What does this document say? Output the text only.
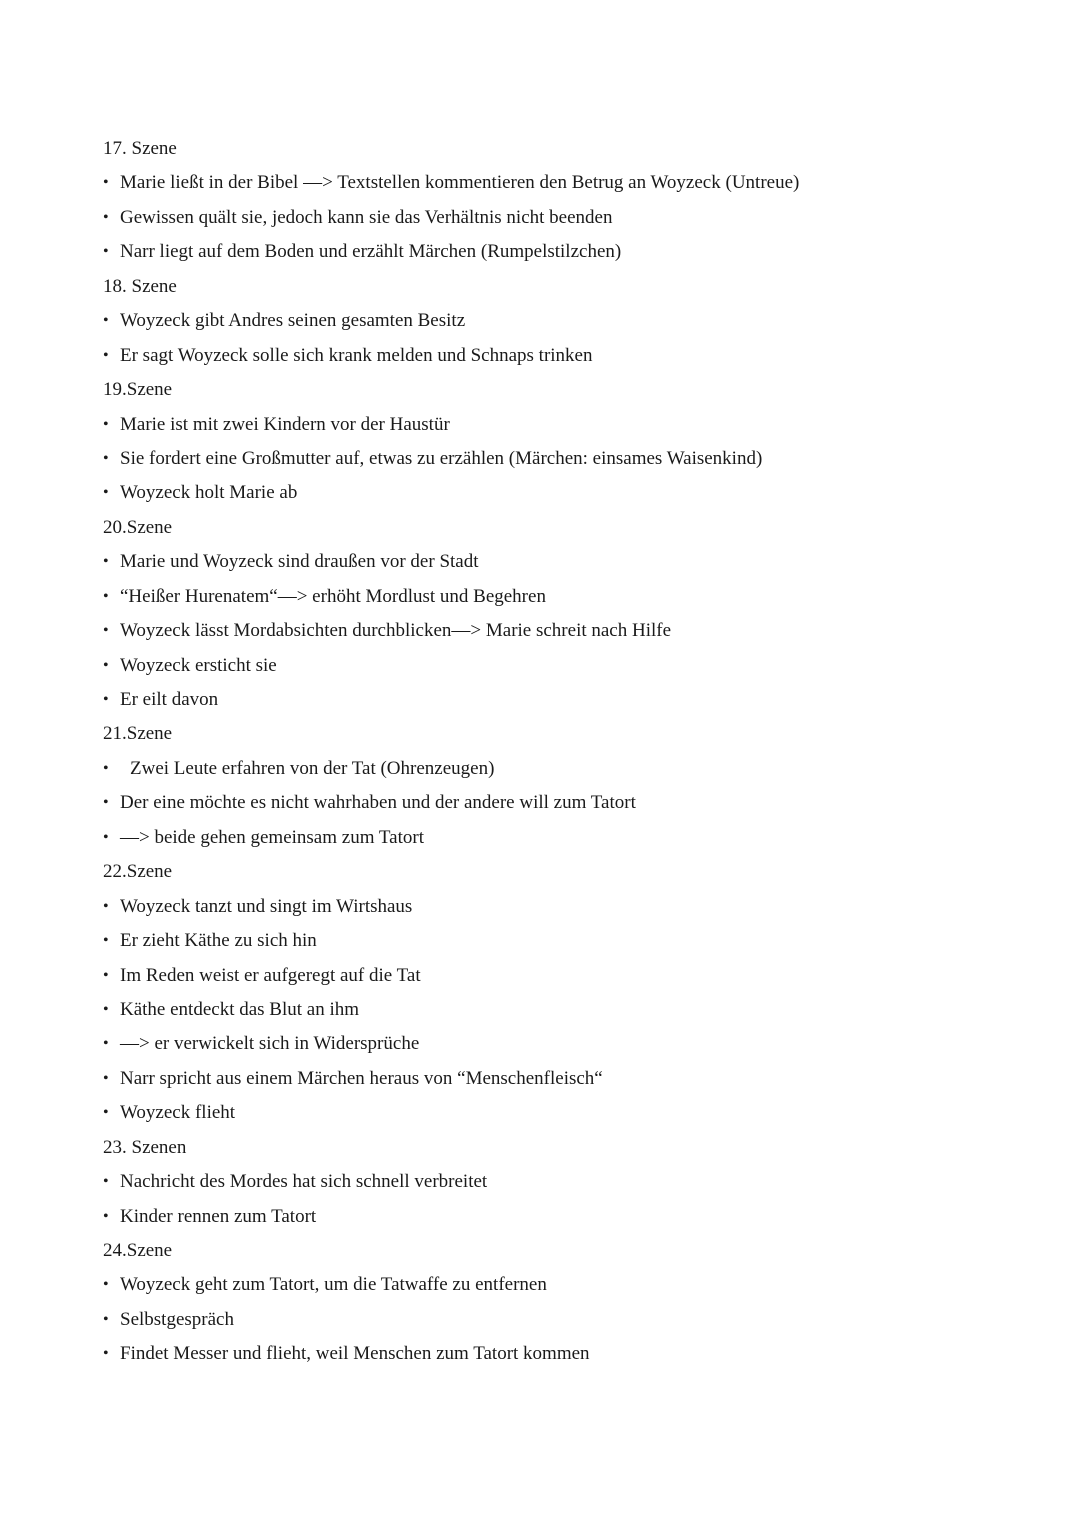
17. Szene
• Marie ließt in der Bibel —> Textstellen kommentieren den Betrug an Woyzeck (Untreue)
• Gewissen quält sie, jedoch kann sie das Verhältnis nicht beenden
• Narr liegt auf dem Boden und erzählt Märchen (Rumpelstilzchen)
18. Szene
• Woyzeck gibt Andres seinen gesamten Besitz
• Er sagt Woyzeck solle sich krank melden und Schnaps trinken
19.Szene
• Marie ist mit zwei Kindern vor der Haustür
• Sie fordert eine Großmutter auf, etwas zu erzählen (Märchen: einsames Waisenkind)
• Woyzeck holt Marie ab
20.Szene
• Marie und Woyzeck sind draußen vor der Stadt
• “Heißer Hurenatem“—> erhöht Mordlust und Begehren
• Woyzeck lässt Mordabsichten durchblicken—> Marie schreit nach Hilfe
• Woyzeck ersticht sie
• Er eilt davon
21.Szene
• Zwei Leute erfahren von der Tat (Ohrenzeugen)
• Der eine möchte es nicht wahrhaben und der andere will zum Tatort
• —> beide gehen gemeinsam zum Tatort
22.Szene
• Woyzeck tanzt und singt im Wirtshaus
• Er zieht Käthe zu sich hin
• Im Reden weist er aufgeregt auf die Tat
• Käthe entdeckt das Blut an ihm
• —> er verwickelt sich in Widersprüche
• Narr spricht aus einem Märchen heraus von “Menschenfleisch“
• Woyzeck flieht
23. Szenen
• Nachricht des Mordes hat sich schnell verbreitet
• Kinder rennen zum Tatort
24.Szene
• Woyzeck geht zum Tatort, um die Tatwaffe zu entfernen
• Selbstgespräch
• Findet Messer und flieht, weil Menschen zum Tatort kommen
